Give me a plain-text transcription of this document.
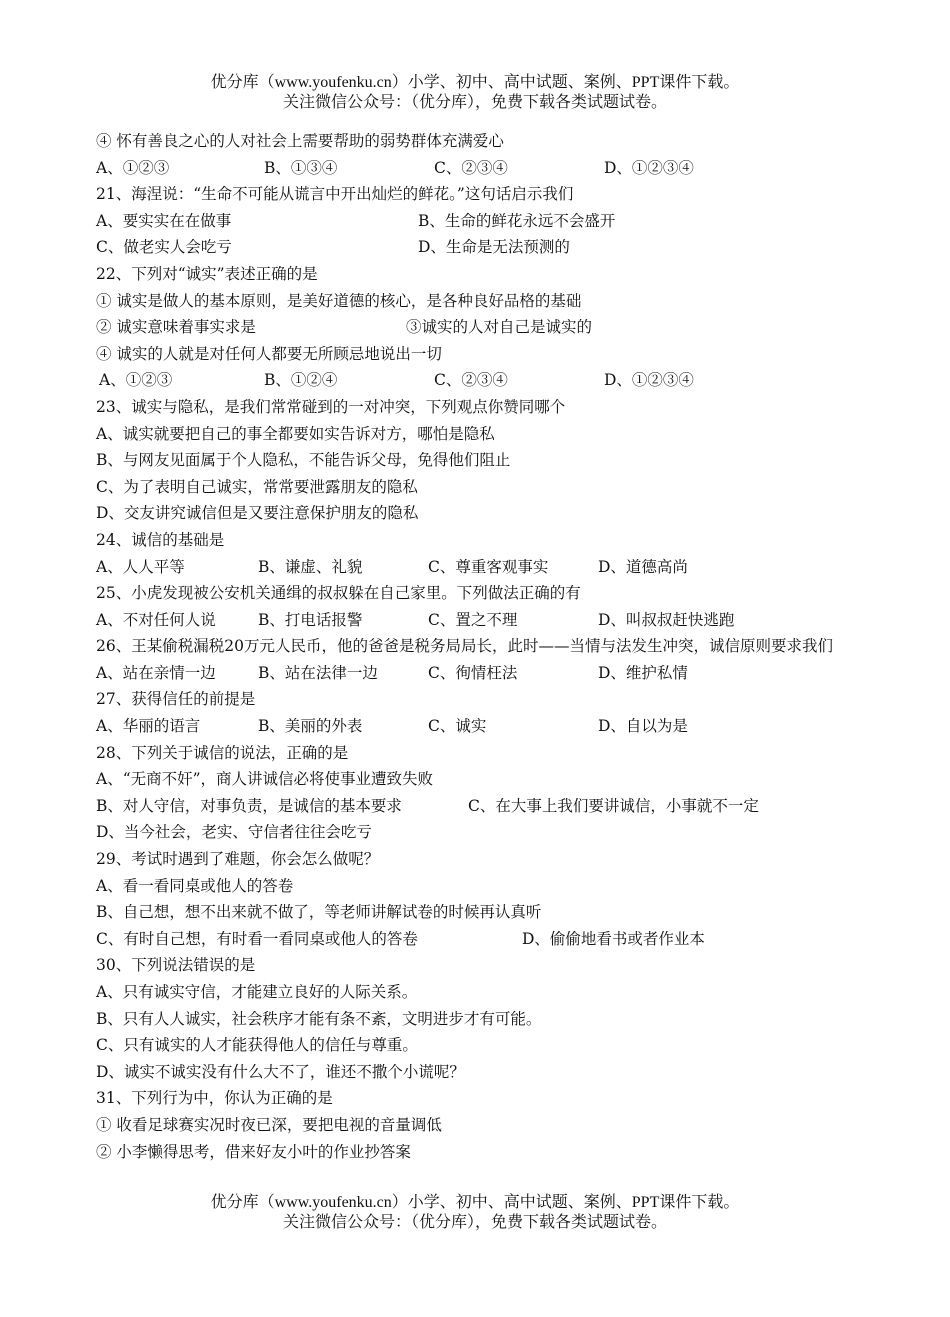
优分库（www.youfenku.cn）小学、初中、高中试题、案例、PPT课件下载。
关注微信公众号：（优分库），免费下载各类试题试卷。
④ 怀有善良之心的人对社会上需要帮助的弱势群体充满爱心
A、①②③	B、①③④	C、②③④	D、①②③④
21、海涅说：“生命不可能从谎言中开出灿烂的鲜花。”这句话启示我们
A、要实实在在做事	B、生命的鲜花永远不会盛开
C、做老实人会吃亏	D、生命是无法预测的
22、下列对“诚实”表述正确的是
① 诚实是做人的基本原则，是美好道德的核心，是各种良好品格的基础
② 诚实意味着事实求是	③诚实的人对自己是诚实的
④ 诚实的人就是对任何人都要无所顾忌地说出一切
A、①②③	B、①②④	C、②③④	D、①②③④
23、诚实与隐私，是我们常常碰到的一对冲突，下列观点你赞同哪个
A、诚实就要把自己的事全都要如实告诉对方，哪怕是隐私
B、与网友见面属于个人隐私，不能告诉父母，免得他们阻止
C、为了表明自己诚实，常常要泄露朋友的隐私
D、交友讲究诚信但是又要注意保护朋友的隐私
24、诚信的基础是
A、人人平等	B、谦虚、礼貌	C、尊重客观事实	D、道德高尚
25、小虎发现被公安机关通缉的叔叔躲在自己家里。下列做法正确的有
A、不对任何人说	B、打电话报警	C、置之不理	D、叫叔叔赶快逃跑
26、王某偷税漏税20万元人民币，他的爸爸是税务局局长，此时——当情与法发生冲突，诚信原则要求我们
A、站在亲情一边	B、站在法律一边	C、徇情枉法	D、维护私情
27、获得信任的前提是
A、华丽的语言	B、美丽的外表	C、诚实	D、自以为是
28、下列关于诚信的说法，正确的是
A、“无商不奸”，商人讲诚信必将使事业遭致失败
B、对人守信，对事负责，是诚信的基本要求	C、在大事上我们要讲诚信，小事就不一定
D、当今社会，老实、守信者往往会吃亏
29、考试时遇到了难题，你会怎么做呢？
A、看一看同桌或他人的答卷
B、自己想，想不出来就不做了，等老师讲解试卷的时候再认真听
C、有时自己想，有时看一看同桌或他人的答卷	D、偷偷地看书或者作业本
30、下列说法错误的是
A、只有诚实守信，才能建立良好的人际关系。
B、只有人人诚实，社会秩序才能有条不紊，文明进步才有可能。
C、只有诚实的人才能获得他人的信任与尊重。
D、诚实不诚实没有什么大不了，谁还不撒个小谎呢？
31、下列行为中，你认为正确的是
① 收看足球赛实况时夜已深，要把电视的音量调低
② 小李懒得思考，借来好友小叶的作业抄答案
优分库（www.youfenku.cn）小学、初中、高中试题、案例、PPT课件下载。
关注微信公众号：（优分库），免费下载各类试题试卷。
